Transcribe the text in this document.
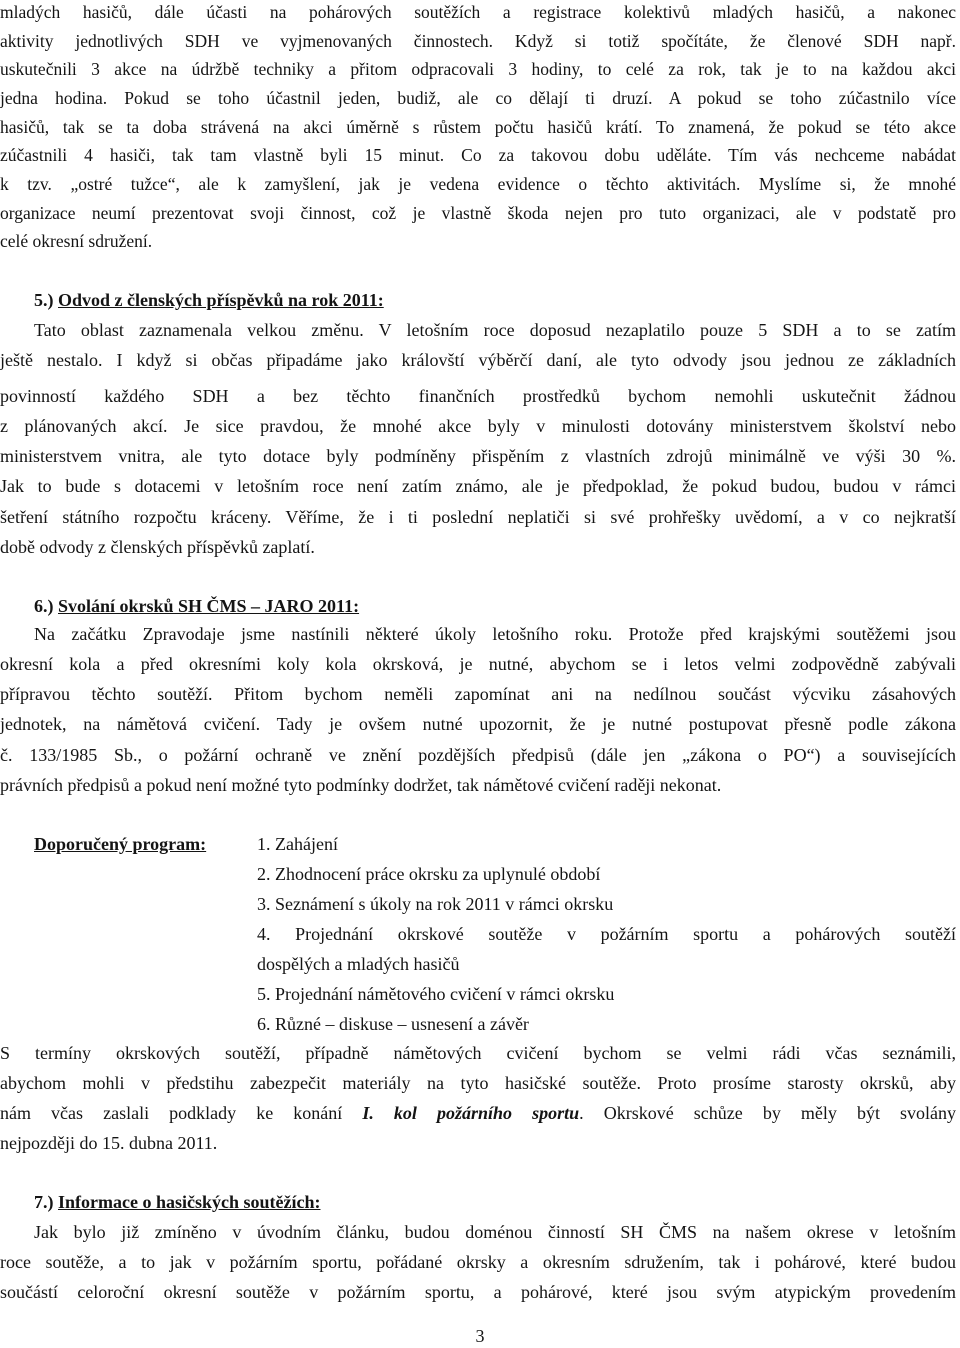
mladých hasičů, dále účasti na pohárových soutěžích a registrace kolektivů mladých hasičů, a nakonec

aktivity jednotlivých SDH ve vyjmenovaných činnostech. Když si totiž spočítáte, že členové SDH např.

uskutečnili 3 akce na údržbě techniky a přitom odpracovali 3 hodiny, to celé za rok, tak je to na každou akci

jedna hodina. Pokud se toho účastnil jeden, budiž, ale co dělají ti druzí. A pokud se toho zúčastnilo více

hasičů, tak se ta doba strávená na akci úměrně s růstem počtu hasičů krátí. To znamená, že pokud se této akce

zúčastnili 4 hasiči, tak tam vlastně byli 15 minut. Co za takovou dobu uděláte. Tím vás nechceme nabádat

k tzv. „ostré tužce“, ale k zamyšlení, jak je vedena evidence o těchto aktivitách. Myslíme si, že mnohé

organizace neumí prezentovat svoji činnost, což je vlastně škoda nejen pro tuto organizaci, ale v podstatě pro

celé okresní sdružení.

5.) Odvod z členských příspěvků na rok 2011:

Tato oblast zaznamenala velkou změnu. V letošním roce doposud nezaplatilo pouze 5 SDH a to se zatím

ještě nestalo. I když si občas připadáme jako královští výběrčí daní, ale tyto odvody jsou jednou ze základních

povinností každého SDH a bez těchto finančních prostředků bychom nemohli uskutečnit žádnou

z plánovaných akcí. Je sice pravdou, že mnohé akce byly v minulosti dotovány ministerstvem školství nebo

ministerstvem vnitra, ale tyto dotace byly podmíněny přispěním z vlastních zdrojů minimálně ve výši 30 %.

Jak to bude s dotacemi v letošním roce není zatím známo, ale je předpoklad, že pokud budou, budou v rámci

šetření státního rozpočtu kráceny. Věříme, že i ti poslední neplatiči si své prohřešky uvědomí, a v co nejkratší

době odvody z členských příspěvků zaplatí.

6.) Svolání okrsků SH ČMS – JARO 2011:

Na začátku Zpravodaje jsme nastínili některé úkoly letošního roku. Protože před krajskými soutěžemi jsou

okresní kola a před okresními koly kola okrsková, je nutné, abychom se i letos velmi zodpovědně zabývali

přípravou těchto soutěží. Přitom bychom neměli zapomínat ani na nedílnou součást výcviku zásahových

jednotek, na námětová cvičení. Tady je ovšem nutné upozornit, že je nutné postupovat přesně podle zákona

č. 133/1985 Sb., o požární ochraně ve znění pozdějších předpisů (dále jen „zákona o PO“) a souvisejících

právních předpisů a pokud není možné tyto podmínky dodržet, tak námětové cvičení raději nekonat.

Doporučený program:	1. Zahájení

2. Zhodnocení práce okrsku za uplynulé období

3. Seznámení s úkoly na rok 2011 v rámci okrsku

4. Projednání okrskové soutěže v požárním sportu a pohárových soutěží

dospělých a mladých hasičů

5. Projednání námětového cvičení v rámci okrsku

6. Různé – diskuse – usnesení a závěr

S termíny okrskových soutěží, případně námětových cvičení bychom se velmi rádi včas seznámili,

abychom mohli v předstihu zabezpečit materiály na tyto hasičské soutěže. Proto prosíme starosty okrsků, aby

nám včas zaslali podklady ke konání I. kol požárního sportu. Okrskové schůze by měly být svolány

nejpozději do 15. dubna 2011.

7.) Informace o hasičských soutěžích:

Jak bylo již zmíněno v úvodním článku, budou doménou činností SH ČMS na našem okrese v letošním

roce soutěže, a to jak v požárním sportu, pořádané okrsky a okresním sdružením, tak i pohárové, které budou

součástí celoroční okresní soutěže v požárním sportu, a pohárové, které jsou svým atypickým provedením

3
